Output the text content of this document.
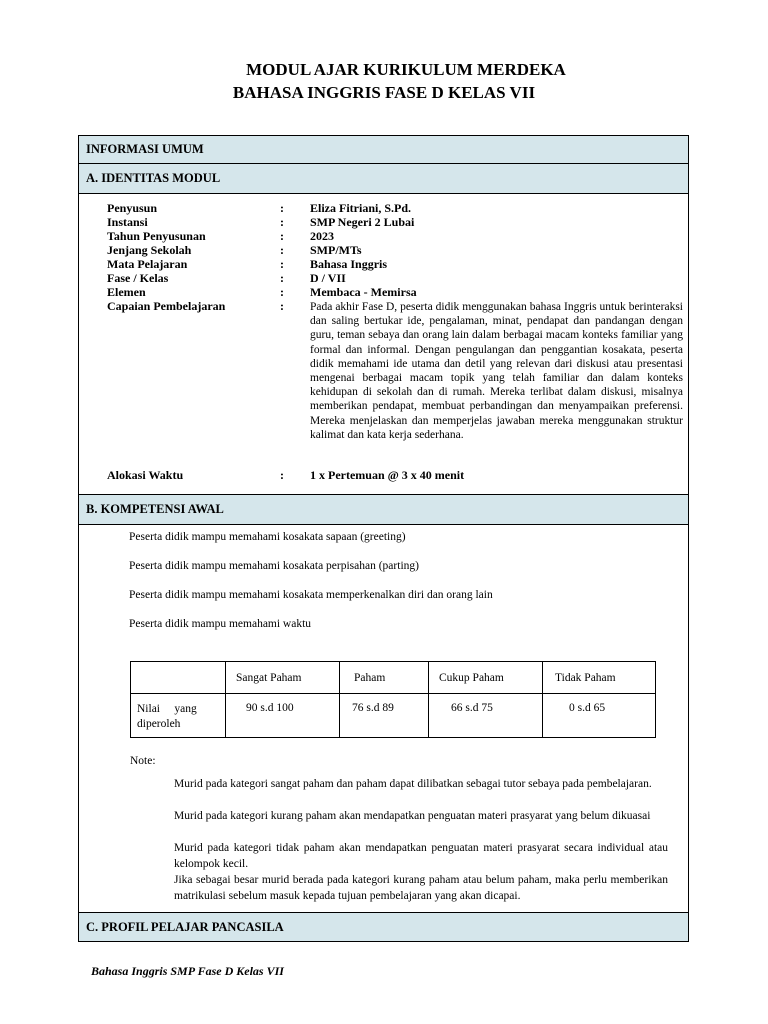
MODUL AJAR KURIKULUM MERDEKA
BAHASA INGGRIS FASE D KELAS VII
INFORMASI UMUM
A. IDENTITAS MODUL
Penyusun	: Eliza Fitriani, S.Pd.
Instansi	: SMP Negeri 2 Lubai
Tahun Penyusunan	: 2023
Jenjang Sekolah	: SMP/MTs
Mata Pelajaran	: Bahasa Inggris
Fase / Kelas	: D / VII
Elemen	: Membaca - Memirsa
Capaian Pembelajaran	: Pada akhir Fase D, peserta didik menggunakan bahasa Inggris untuk berinteraksi dan saling bertukar ide, pengalaman, minat, pendapat dan pandangan dengan guru, teman sebaya dan orang lain dalam berbagai macam konteks familiar yang formal dan informal. Dengan pengulangan dan penggantian kosakata, peserta didik memahami ide utama dan detil yang relevan dari diskusi atau presentasi mengenai berbagai macam topik yang telah familiar dan dalam konteks kehidupan di sekolah dan di rumah. Mereka terlibat dalam diskusi, misalnya memberikan pendapat, membuat perbandingan dan menyampaikan preferensi. Mereka menjelaskan dan memperjelas jawaban mereka menggunakan struktur kalimat dan kata kerja sederhana.
Alokasi Waktu	: 1 x Pertemuan @ 3 x 40 menit
B. KOMPETENSI AWAL
Peserta didik mampu memahami kosakata sapaan (greeting)
Peserta didik mampu memahami kosakata perpisahan (parting)
Peserta didik mampu memahami kosakata memperkenalkan diri dan orang lain
Peserta didik mampu memahami waktu
	Sangat Paham	Paham	Cukup Paham	Tidak Paham
Nilai     yang
diperoleh	90 s.d 100	76 s.d 89	66 s.d 75	0 s.d 65
Note:
Murid pada kategori sangat paham dan paham dapat dilibatkan sebagai tutor sebaya pada pembelajaran.
Murid pada kategori kurang paham akan mendapatkan penguatan materi prasyarat yang belum dikuasai
Murid pada kategori tidak paham akan mendapatkan penguatan materi prasyarat secara individual atau kelompok kecil.
Jika sebagai besar murid berada pada kategori kurang paham atau belum paham, maka perlu memberikan matrikulasi sebelum masuk kepada tujuan pembelajaran yang akan dicapai.
C. PROFIL PELAJAR PANCASILA
Bahasa Inggris SMP Fase D Kelas VII
